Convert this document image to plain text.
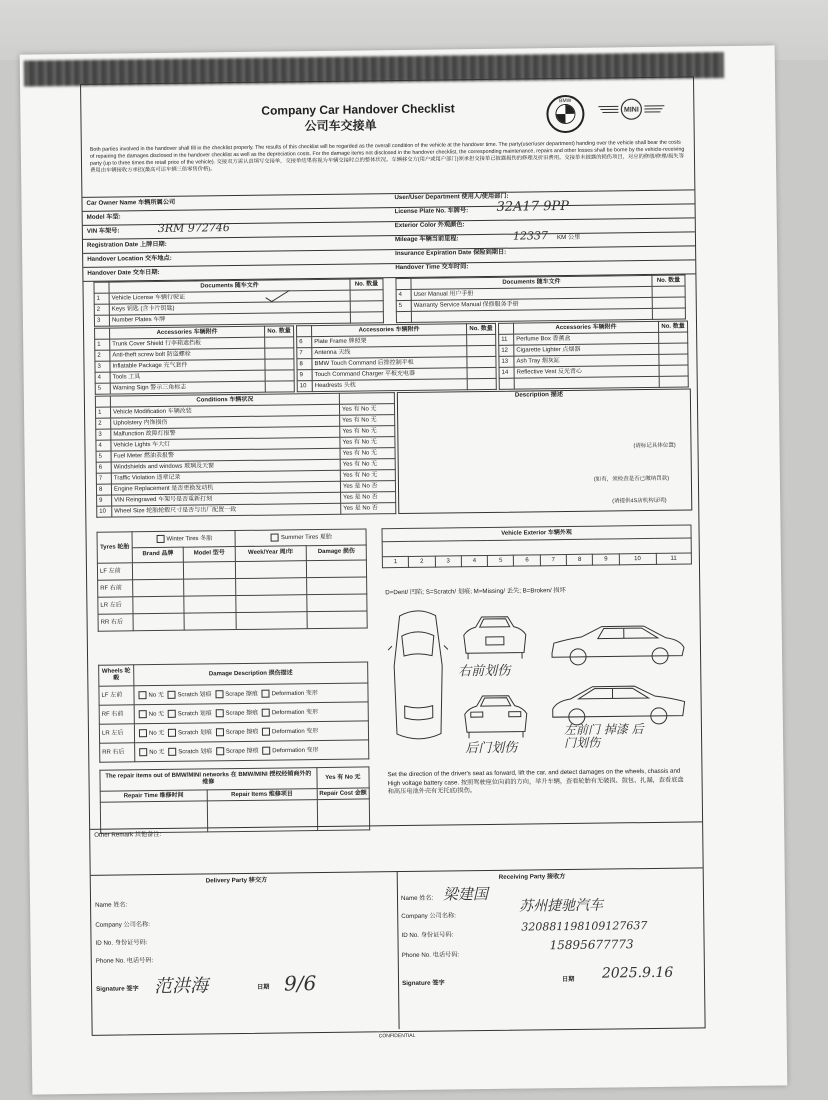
Company Car Handover Checklist
公司车交接单
BMW
MINI
Both parties involved in the handover shall fill in the checklist properly. The results of this checklist will be regarded as the overall condition of the vehicle at the handover time. The party(user/user department) handing over the vehicle shall bear the costs of repairing the damages disclosed in the handover checklist as well as the depreciation costs. For the damage items not disclosed in the handover checklist, the corresponding maintenance, repairs and other losses shall be borne by the vehicle-receiving party (up to three times the retail price of the vehicle). 交接双方需认真填写交接单，交接单结果将视为车辆交接时点的整体状况。车辆移交方(用户或用户部门)须承担交接单已披露损伤的修理及折旧费用。交接单未披露的损伤项目，对应的修缮/修理/损失等费用由车辆接收方承担(最高可达车辆三倍零售价格)。
Car Owner Name 车辆所属公司
User/User Department 使用人/使用部门:
Model 车型:
License Plate No. 车牌号: 32A17 9PP
VIN 车架号:	3RM 972746	Exterior Color 外观颜色:
Registration Date 上牌日期:
Mileage 车辆当前里程:	12337 KM 公里
Handover Location 交车地点:
Insurance Expiration Date 保险到期日:
Handover Date 交车日期:
Handover Time 交车时间:
	Documents 随车文件	No. 数量
1	Vehicle License 车辆行驶证	
2	Keys 钥匙 (含卡片钥匙)	
3	Number Plates 车牌	
	Documents 随车文件	No. 数量
4	User Manual 用户手册	
5	Warranty Service Manual 保修服务手册	

	Accessories 车辆附件	No. 数量
1	Trunk Cover Shield 行李箱遮挡板	
2	Anti-theft screw bolt 防盗螺栓	
3	Inflatable Package 充气套件	
4	Tools 工具	
5	Warning Sign 警示三角标志	
	Accessories 车辆附件	No. 数量
6	Plate Frame 牌照架	
7	Antenna 天线	
8	BMW Touch Command 后排控制平板	
9	Touch Command Charger 平板充电器	
10	Headrests 头枕	
	Accessories 车辆附件	No. 数量
11	Perfume Box 香薰盒	
12	Cigarette Lighter 点烟器	
13	Ash Tray 烟灰缸	
14	Reflective Vest 反光背心	

	Conditions 车辆状况	
1	Vehicle Modification 车辆改装	Yes 有 No 无
2	Upholstery 内饰损伤	Yes 有 No 无
3	Malfunction 故障灯报警	Yes 有 No 无
4	Vehicle Lights 车大灯	Yes 有 No 无
5	Fuel Meter 燃油表报警	Yes 有 No 无
6	Windshields and windows 玻璃及天窗	Yes 有 No 无
7	Traffic Violation 违章记录	Yes 有 No 无
8	Engine Replacement 是否更换发动机	Yes 是 No 否
9	VIN Reingraved 车架号是否重新打刻	Yes 是 No 否
10	Wheel Size 轮胎轮毂尺寸是否与出厂配置一致	Yes 是 No 否
Description 描述
(请标记具体位置)
(如有，须检查是否已缴纳罚款)
(请提供4S店机构证明)
Tyres 轮胎	Winter Tires 冬胎		Summer Tires 夏胎	
	Brand 品牌	Model 型号	Week/Year 周/年	Damage 损伤
LF 左前				
RF 右前				
LR 左后				
RR 右后				
Wheels 轮毂	Damage Description 损伤描述
LF 左前	No 无 Scratch 划痕 Scrape 擦痕 Deformation 变形
RF 右前	No 无 Scratch 划痕 Scrape 擦痕 Deformation 变形
LR 左后	No 无 Scratch 划痕 Scrape 擦痕 Deformation 变形
RR 右后	No 无 Scratch 划痕 Scrape 擦痕 Deformation 变形
The repair items out of BMW/MINI networks 在 BMW/MINI 授权经销商外的维修		Yes 有 No 无
Repair Time 维修时间	Repair Items 维修项目	Repair Cost 金额

Vehicle Exterior 车辆外观

1	2	3	4	5	6	7	8	9	10	11
D=Dent/ 凹陷; S=Scratch/ 划痕; M=Missing/ 丢失; B=Broken/ 损坏
右前划伤
后门划伤
左前门 掉漆 后门划伤
Set the direction of the driver's seat as forward, lift the car, and detect damages on the wheels, chassis and High voltage battery case. 按照驾驶座位向前的方向，举升车辆，查看轮胎有无破损、鼓包、扎漏，查看底盘和高压电池外壳有无托底/损伤。
Other Remark 其他备注:
Delivery Party 移交方
Name 姓名:
Company 公司名称:
ID No. 身份证号码:
Phone No. 电话号码:
Signature 签字 范洪海	日期 9/6
Receiving Party 接收方
Name 姓名: 梁建国
Company 公司名称:
苏州捷驰汽车
ID No. 身份证号码:
320881198109127637
Phone No. 电话号码:
15895677773
Signature 签字
日期 2025.9.16
CONFIDENTIAL
